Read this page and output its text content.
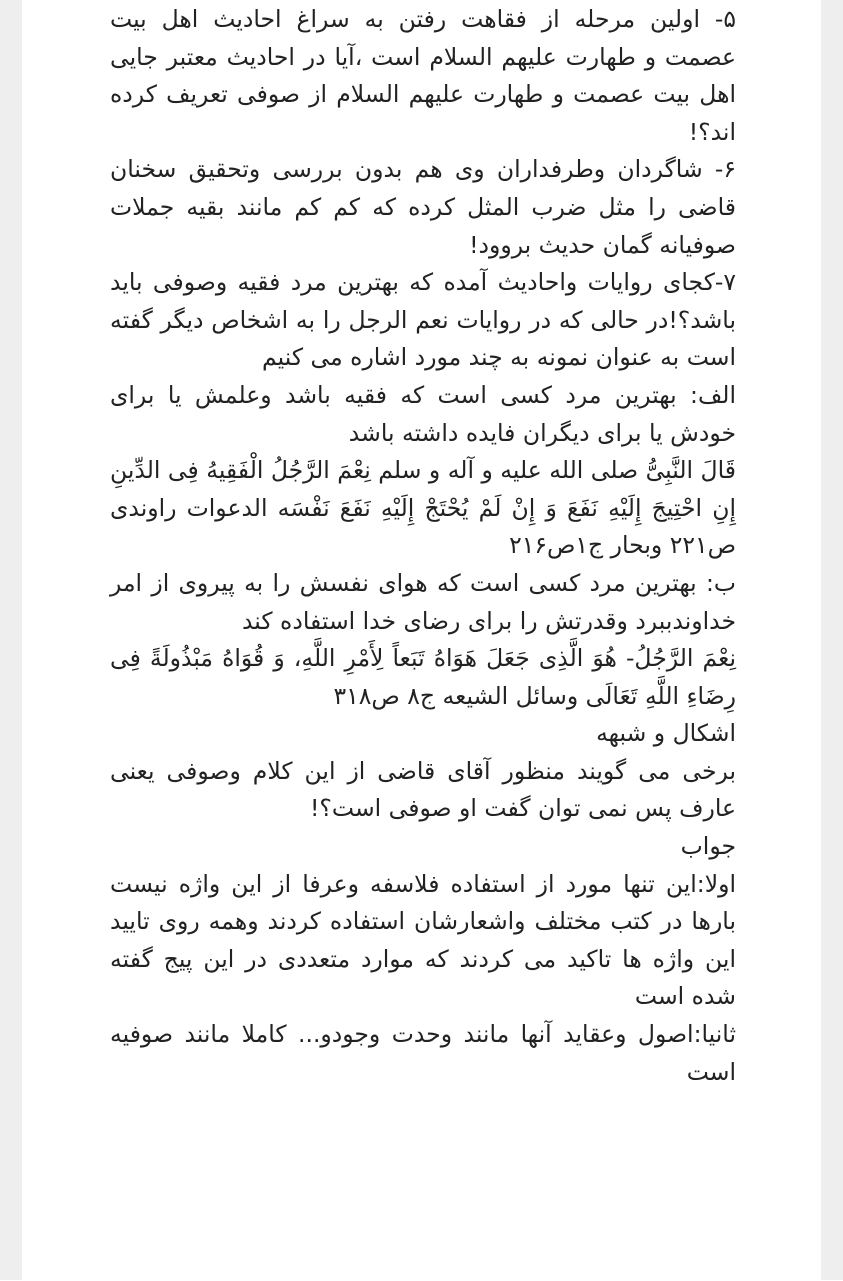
۵- اولین مرحله از فقاهت رفتن به سراغ احادیث اهل بیت عصمت و طهارت علیهم السلام است ،آیا در احادیث معتبر جایی اهل بیت عصمت و طهارت علیهم السلام از صوفی تعریف کرده اند؟!

۶- شاگردان وطرفداران وی هم بدون بررسی وتحقیق سخنان قاضی را مثل ضرب المثل کرده که کم کم مانند بقیه جملات صوفیانه گمان حدیث بروود!

۷-کجای روایات واحادیث آمده که بهترین مرد فقیه وصوفی باید باشد؟!در حالی که در روایات نعم الرجل را به اشخاص دیگر گفته است به عنوان نمونه به چند مورد اشاره می کنیم

الف: بهترین مرد کسی است که فقیه باشد وعلمش یا برای خودش یا برای دیگران فایده داشته باشد

قَالَ النَّبِیُّ صلی الله علیه و آله و سلم نِعْمَ الرَّجُلُ الْفَقِیهُ فِی الدِّینِ إِنِ احْتِیجَ إِلَیْهِ نَفَعَ وَ إِنْ لَمْ یُحْتَجْ إِلَیْهِ نَفَعَ نَفْسَه الدعوات راوندی ص۲۲۱ وبحار ج۱ص۲۱۶

ب: بهترین مرد کسی است که هوای نفسش را به پیروی از امر خداوندببرد وقدرتش را برای رضای خدا استفاده کند

نِعْمَ الرَّجُلُ- هُوَ الَّذِی جَعَلَ هَوَاهُ تَبَعاً لِأَمْرِ اللَّهِ، وَ قُوَاهُ مَبْذُولَةً فِی رِضَاءِ اللَّهِ تَعَالَی وسائل الشیعه ج۸ ص۳۱۸

اشکال و شبهه

برخی می گویند منظور آقای قاضی از این کلام وصوفی یعنی عارف پس نمی توان گفت او صوفی است؟!

جواب

اولا:این تنها مورد از استفاده فلاسفه وعرفا از این واژه نیست بارها در کتب مختلف واشعارشان استفاده کردند وهمه روی تایید این واژه ها تاکید می کردند که موارد متعددی در این پیج گفته شده است

ثانیا:اصول وعقاید آنها مانند وحدت وجودو... کاملا مانند صوفیه است
